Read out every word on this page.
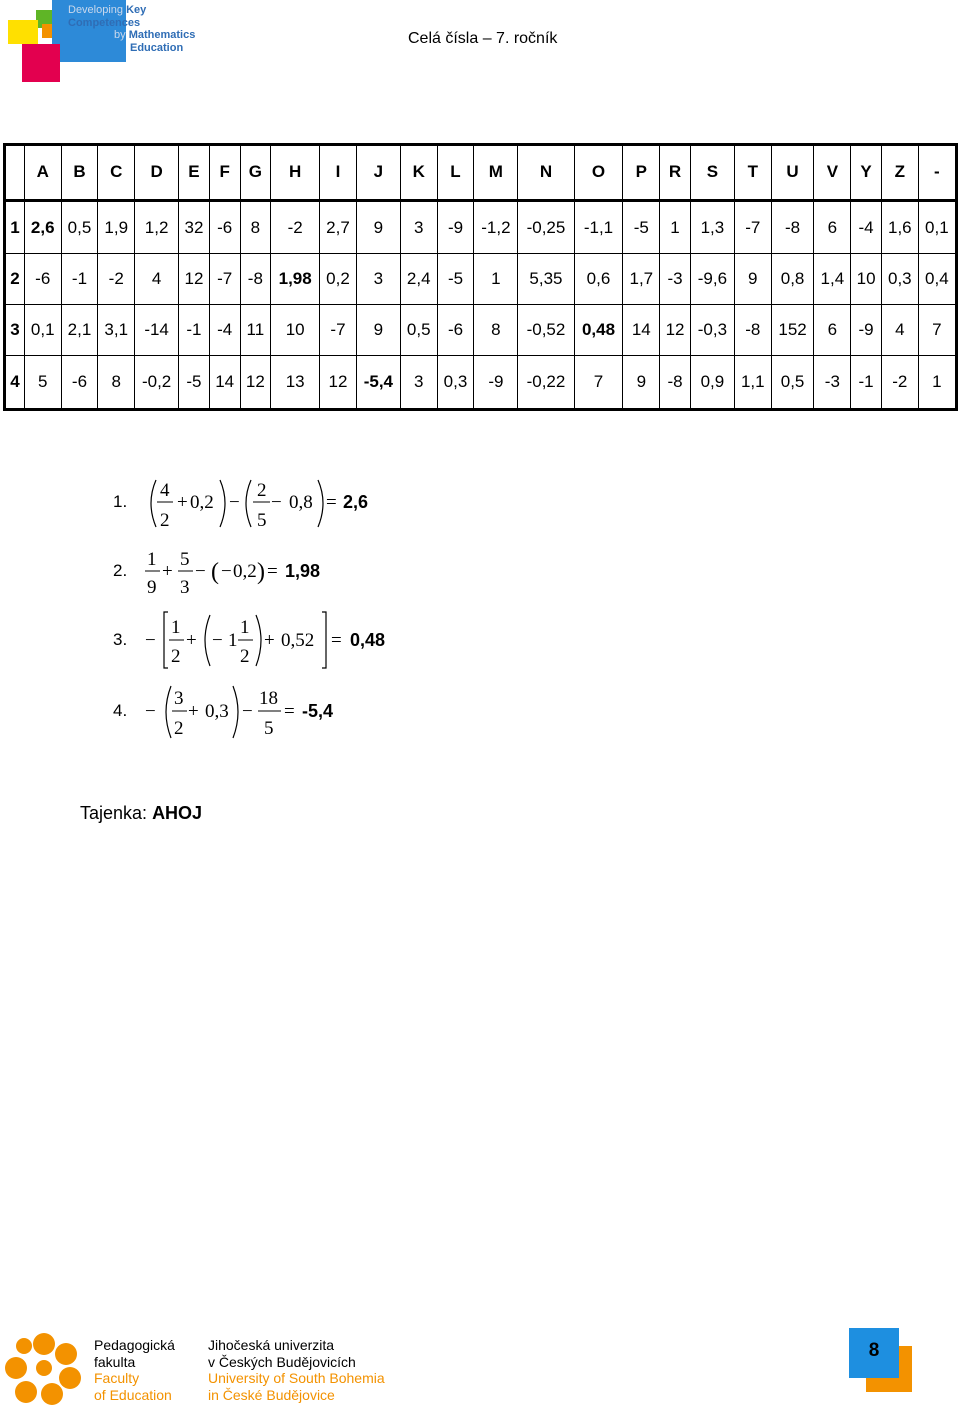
Developing Key Competences
by Mathematics
Education
Celá čísla – 7. ročník
	A	B	C	D	E	F	G	H	I	J	K	L	M	N	O	P	R	S	T	U	V	Y	Z	-
1	2,6	0,5	1,9	1,2	32	-6	8	-2	2,7	9	3	-9	-1,2	-0,25	-1,1	-5	1	1,3	-7	-8	6	-4	1,6	0,1
2	-6	-1	-2	4	12	-7	-8	1,98	0,2	3	2,4	-5	1	5,35	0,6	1,7	-3	-9,6	9	0,8	1,4	10	0,3	0,4
3	0,1	2,1	3,1	-14	-1	-4	11	10	-7	9	0,5	-6	8	-0,52	0,48	14	12	-0,3	-8	152	6	-9	4	7
4	5	-6	8	-0,2	-5	14	12	13	12	-5,4	3	0,3	-9	-0,22	7	9	-8	0,9	1,1	0,5	-3	-1	-2	1
1.
4
2
+ 0,2 −
2
5
− 0,8 = 2,6
2.
1
9
+
5
3
− ( − 0,2 ) = 1,98
3. −
1
2
+ − 1
1
2
+ 0,52 = 0,48
4. −
3
2
+ 0,3 −
18
5
= -5,4
Tajenka: AHOJ
Pedagogická
fakulta
Faculty
of Education
Jihočeská univerzita
v Českých Budějovicích
University of South Bohemia
in České Budějovice
8
